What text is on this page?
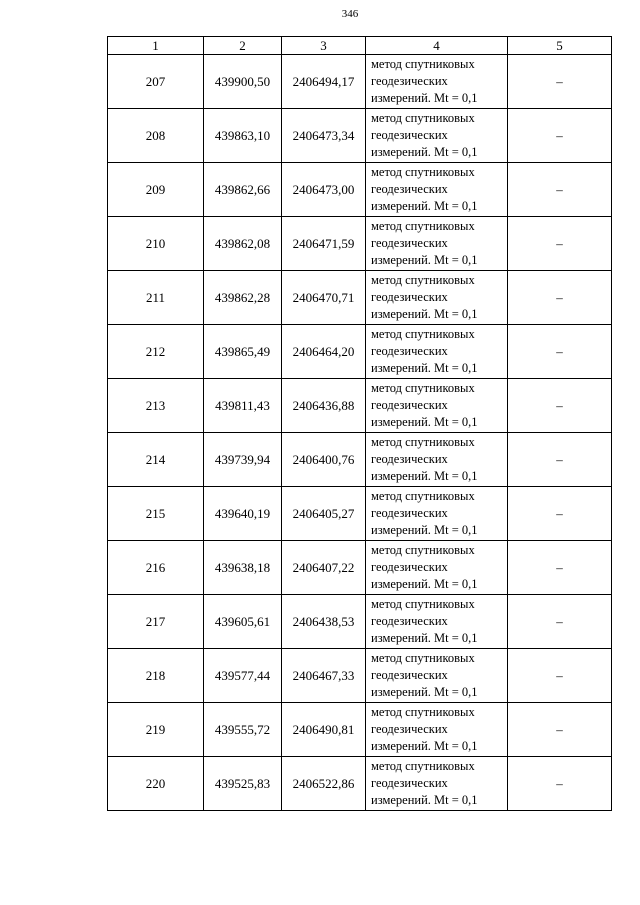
346
1	2	3	4	5
207	439900,50	2406494,17	метод спутниковых
геодезических
измерений. Mt = 0,1	–
208	439863,10	2406473,34	метод спутниковых
геодезических
измерений. Mt = 0,1	–
209	439862,66	2406473,00	метод спутниковых
геодезических
измерений. Mt = 0,1	–
210	439862,08	2406471,59	метод спутниковых
геодезических
измерений. Mt = 0,1	–
211	439862,28	2406470,71	метод спутниковых
геодезических
измерений. Mt = 0,1	–
212	439865,49	2406464,20	метод спутниковых
геодезических
измерений. Mt = 0,1	–
213	439811,43	2406436,88	метод спутниковых
геодезических
измерений. Mt = 0,1	–
214	439739,94	2406400,76	метод спутниковых
геодезических
измерений. Mt = 0,1	–
215	439640,19	2406405,27	метод спутниковых
геодезических
измерений. Mt = 0,1	–
216	439638,18	2406407,22	метод спутниковых
геодезических
измерений. Mt = 0,1	–
217	439605,61	2406438,53	метод спутниковых
геодезических
измерений. Mt = 0,1	–
218	439577,44	2406467,33	метод спутниковых
геодезических
измерений. Mt = 0,1	–
219	439555,72	2406490,81	метод спутниковых
геодезических
измерений. Mt = 0,1	–
220	439525,83	2406522,86	метод спутниковых
геодезических
измерений. Mt = 0,1	–
